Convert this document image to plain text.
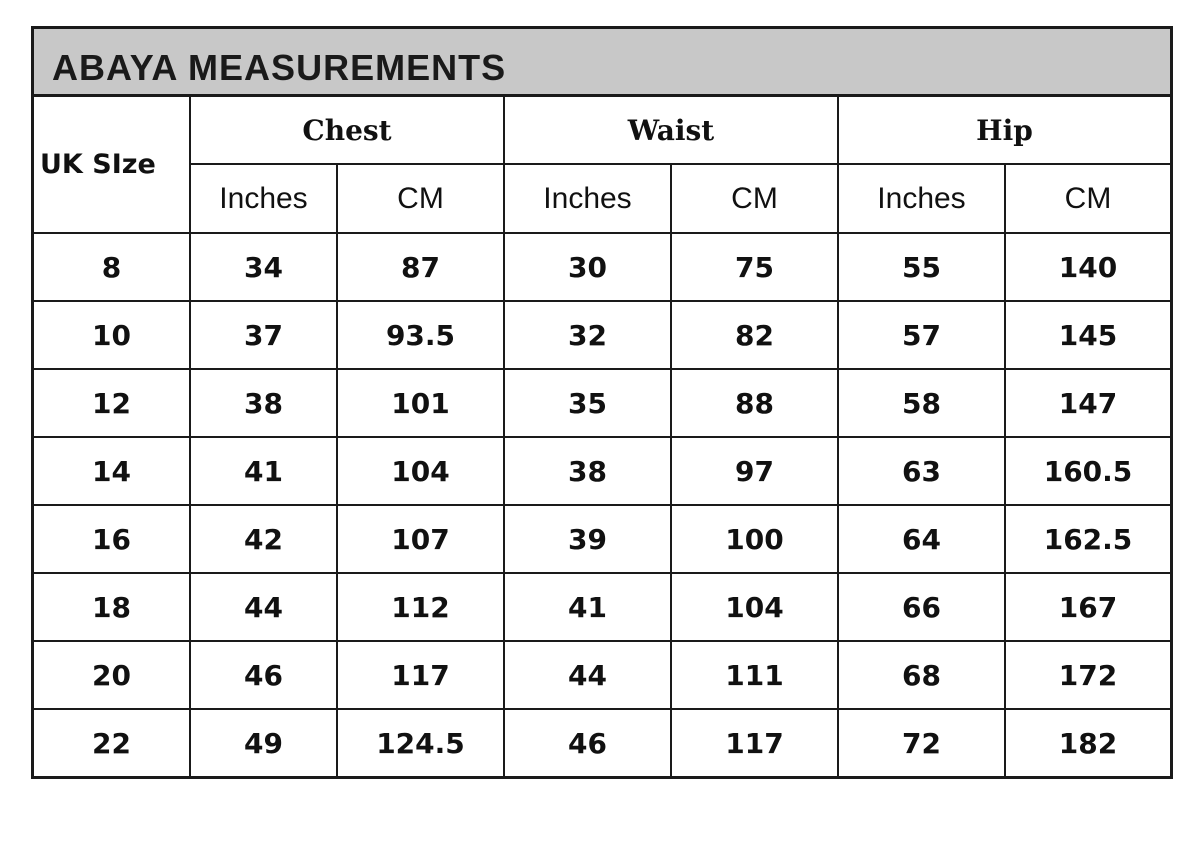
ABAYA MEASUREMENTS
UK SIze	Chest		Waist		Hip	
	Inches	CM	Inches	CM	Inches	CM
8	34	87	30	75	55	140
10	37	93.5	32	82	57	145
12	38	101	35	88	58	147
14	41	104	38	97	63	160.5
16	42	107	39	100	64	162.5
18	44	112	41	104	66	167
20	46	117	44	111	68	172
22	49	124.5	46	117	72	182
